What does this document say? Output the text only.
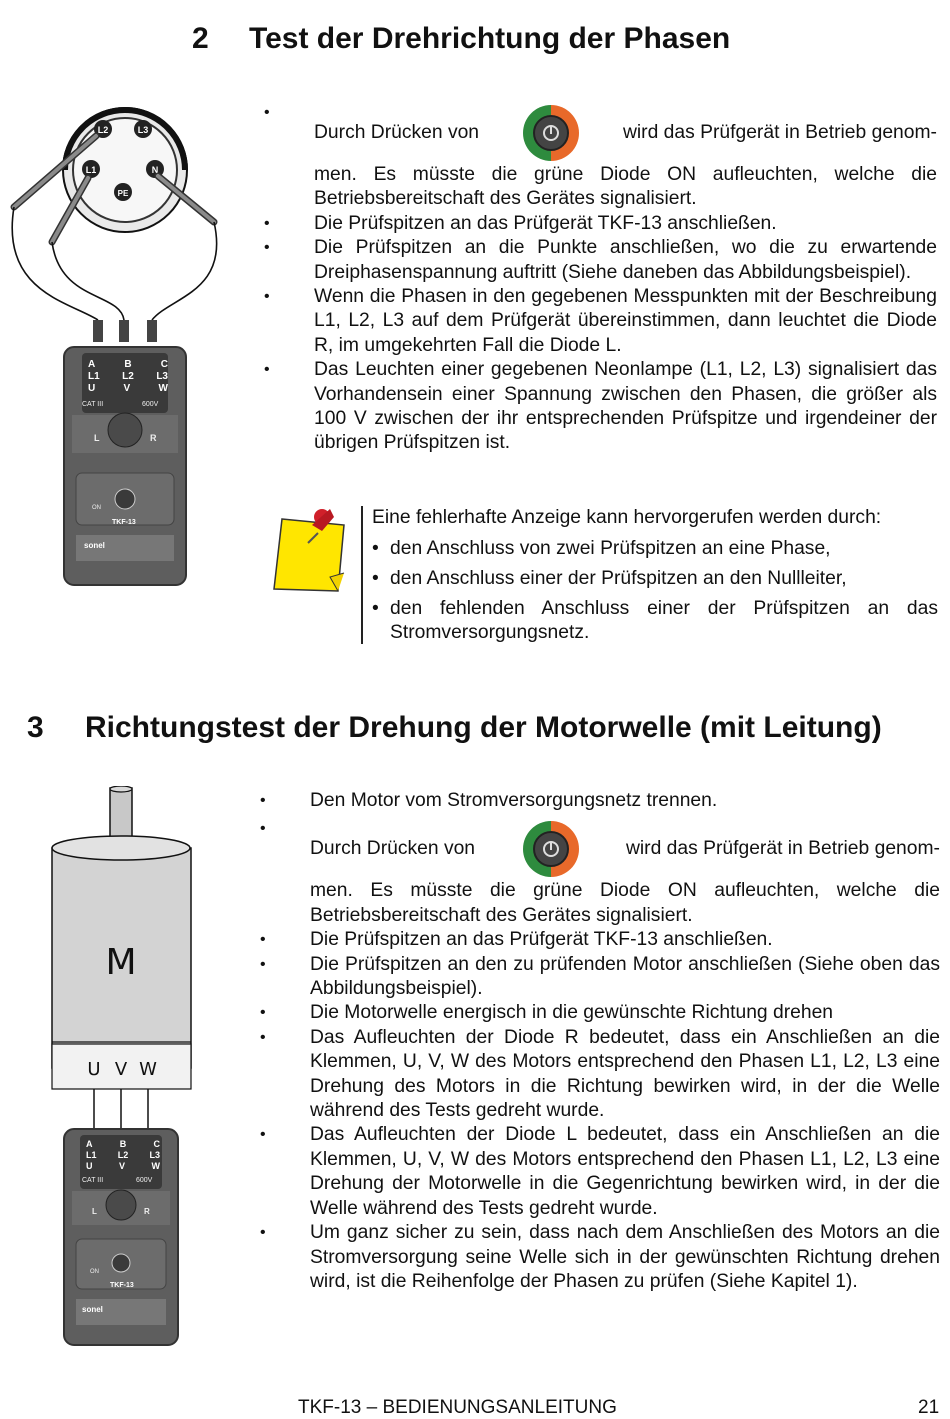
2 Test der Drehrichtung der Phasen
L2	L3
L1	N
PE
A	B	C
L1 L2 L3
U	V	W
CAT III	600V
L	R
ON
TKF-13
sonel
• Durch Drücken von	wird das Prüfgerät in Betrieb genom-
men. Es müsste die grüne Diode ON aufleuchten, welche die Betriebsbereitschaft des Gerätes signalisiert.
• Die Prüfspitzen an das Prüfgerät TKF-13 anschließen.
• Die Prüfspitzen an die Punkte anschließen, wo die zu erwartende Dreiphasenspannung auftritt (Siehe daneben das Abbildungsbeispiel).
• Wenn die Phasen in den gegebenen Messpunkten mit der Beschreibung L1, L2, L3 auf dem Prüfgerät übereinstimmen, dann leuchtet die Diode R, im umgekehrten Fall die Diode L.
• Das Leuchten einer gegebenen Neonlampe (L1, L2, L3) signalisiert das Vorhandensein einer Spannung zwischen den Phasen, die größer als 100 V zwischen der ihr entsprechenden Prüfspitze und irgendeiner der übrigen Prüfspitzen ist.

Eine fehlerhafte Anzeige kann hervorgerufen werden durch:

• den Anschluss von zwei Prüfspitzen an eine Phase,
• den Anschluss einer der Prüfspitzen an den Nullleiter,
• den fehlenden Anschluss einer der Prüfspitzen an das Stromversorgungsnetz.
3 Richtungstest der Drehung der Motorwelle (mit Leitung)
M
U V W
A	B	C
L1 L2 L3
U	V	W
CAT III	600V
L	R
ON
TKF-13
sonel
• Den Motor vom Stromversorgungsnetz trennen.
• Durch Drücken von	wird das Prüfgerät in Betrieb genom-
men. Es müsste die grüne Diode ON aufleuchten, welche die Betriebsbereitschaft des Gerätes signalisiert.
• Die Prüfspitzen an das Prüfgerät TKF-13 anschließen.
• Die Prüfspitzen an den zu prüfenden Motor anschließen (Siehe oben das Abbildungsbeispiel).
• Die Motorwelle energisch in die gewünschte Richtung drehen
• Das Aufleuchten der Diode R bedeutet, dass ein Anschließen an die Klemmen, U, V, W des Motors entsprechend den Phasen L1, L2, L3 eine Drehung des Motors in die Richtung bewirken wird, in der die Welle während des Tests gedreht wurde.
• Das Aufleuchten der Diode L bedeutet, dass ein Anschließen an die Klemmen, U, V, W des Motors entsprechend den Phasen L1, L2, L3 eine Drehung der Motorwelle in die Gegenrichtung bewirken wird, in der die Welle während des Tests gedreht wurde.
• Um ganz sicher zu sein, dass nach dem Anschließen des Motors an die Stromversorgung seine Welle sich in der gewünschten Richtung drehen wird, ist die Reihenfolge der Phasen zu prüfen (Siehe Kapitel 1).
TKF-13 – BEDIENUNGSANLEITUNG	21
